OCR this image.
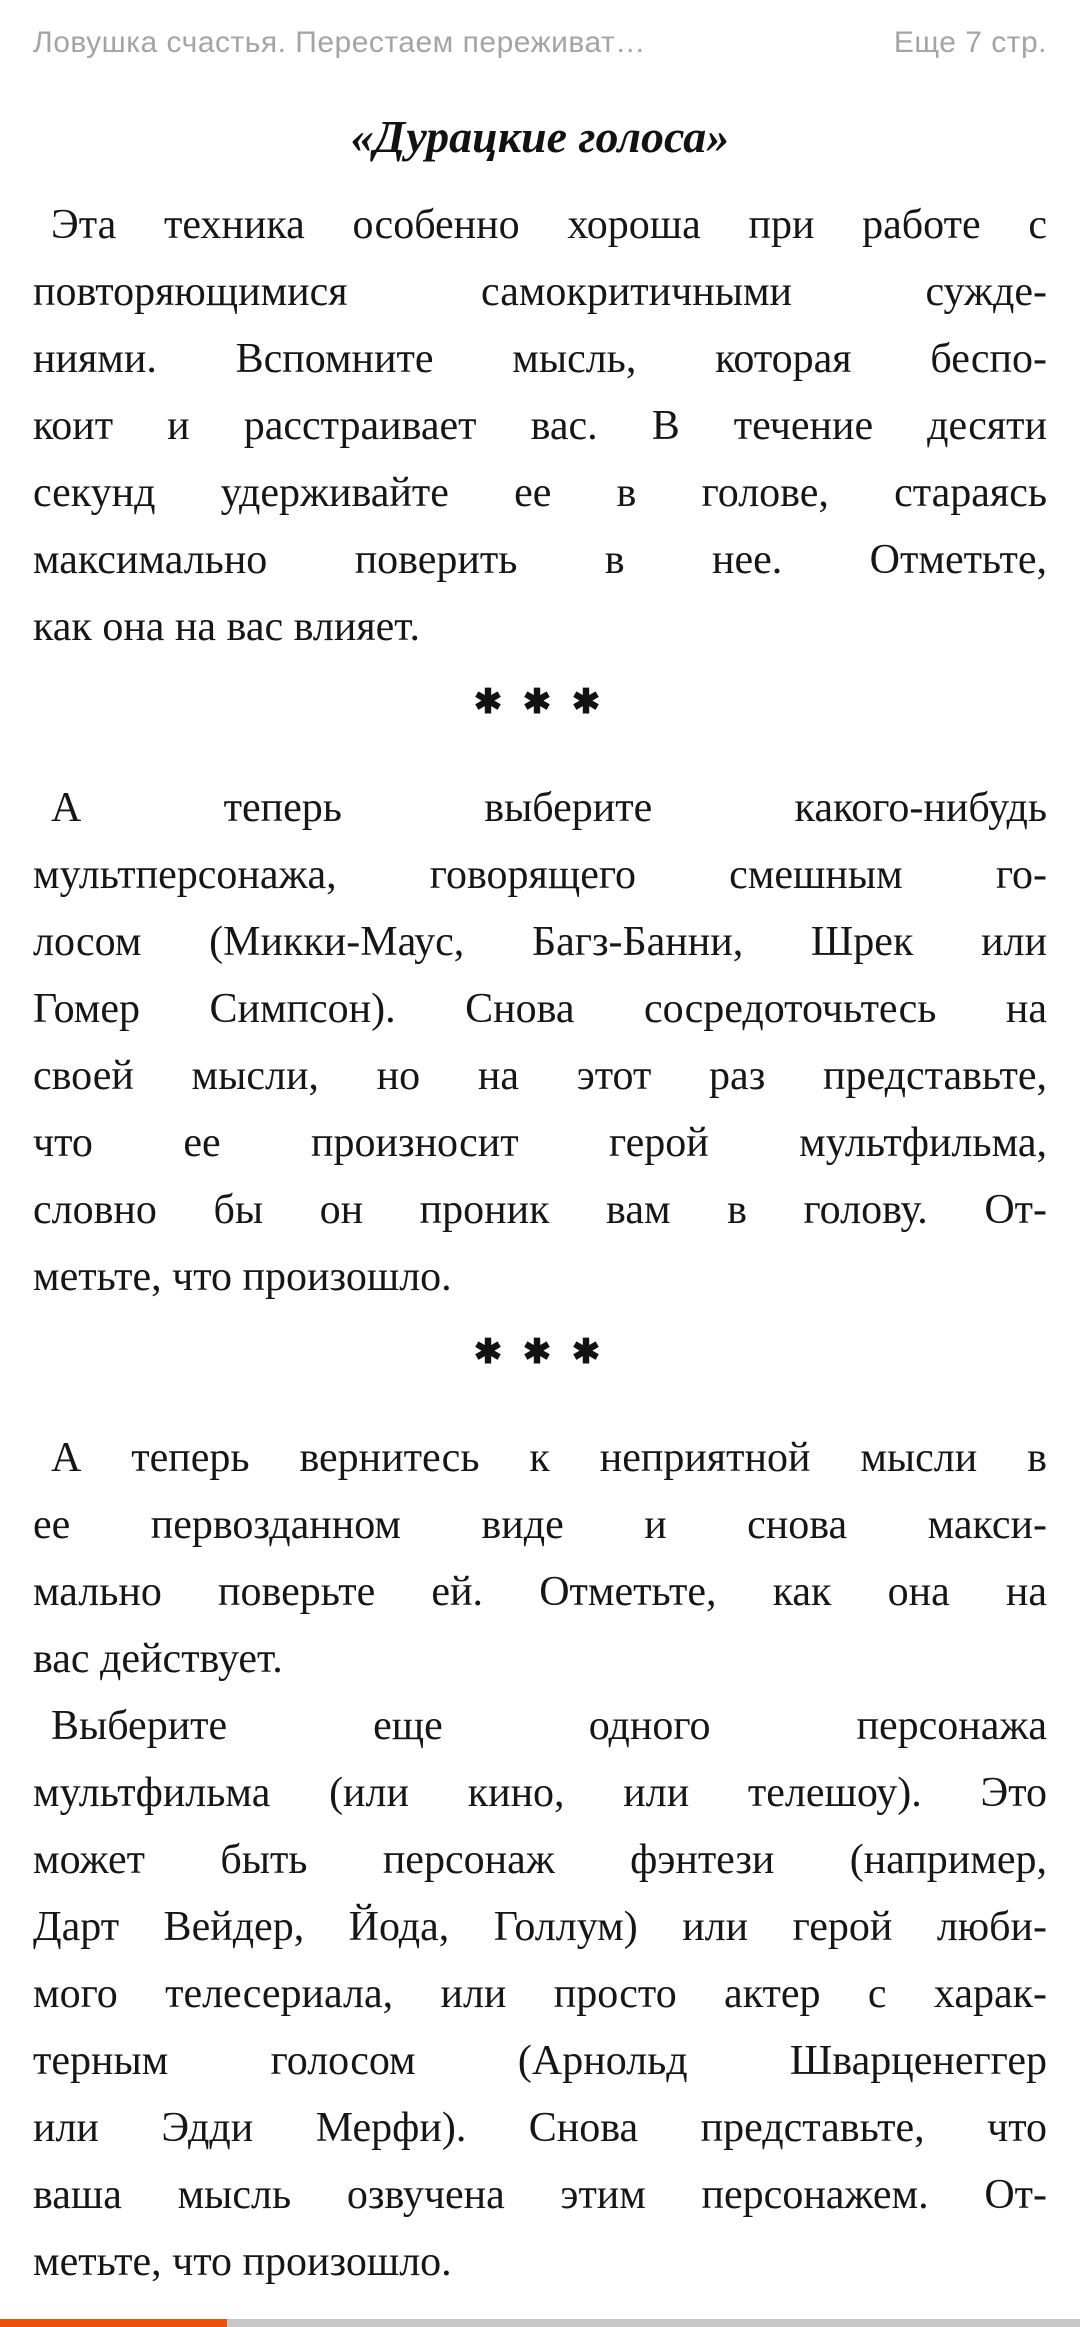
Ловушка счастья. Перестаем переживат…	Еще 7 стр.
«Дурацкие голоса»
Эта техника особенно хороша при работе с
повторяющимися самокритичными сужде-
ниями. Вспомните мысль, которая беспо-
коит и расстраивает вас. В течение десяти
секунд удерживайте ее в голове, стараясь
максимально поверить в нее. Отметьте,
как она на вас влияет.
✱ ✱ ✱
А теперь выберите какого-нибудь
мультперсонажа, говорящего смешным го-
лосом (Микки-Маус, Багз-Банни, Шрек или
Гомер Симпсон). Снова сосредоточьтесь на
своей мысли, но на этот раз представьте,
что ее произносит герой мультфильма,
словно бы он проник вам в голову. От-
метьте, что произошло.
✱ ✱ ✱
А теперь вернитесь к неприятной мысли в
ее первозданном виде и снова макси-
мально поверьте ей. Отметьте, как она на
вас действует.
Выберите еще одного персонажа
мультфильма (или кино, или телешоу). Это
может быть персонаж фэнтези (например,
Дарт Вейдер, Йода, Голлум) или герой люби-
мого телесериала, или просто актер с харак-
терным голосом (Арнольд Шварценеггер
или Эдди Мерфи). Снова представьте, что
ваша мысль озвучена этим персонажем. От-
метьте, что произошло.
